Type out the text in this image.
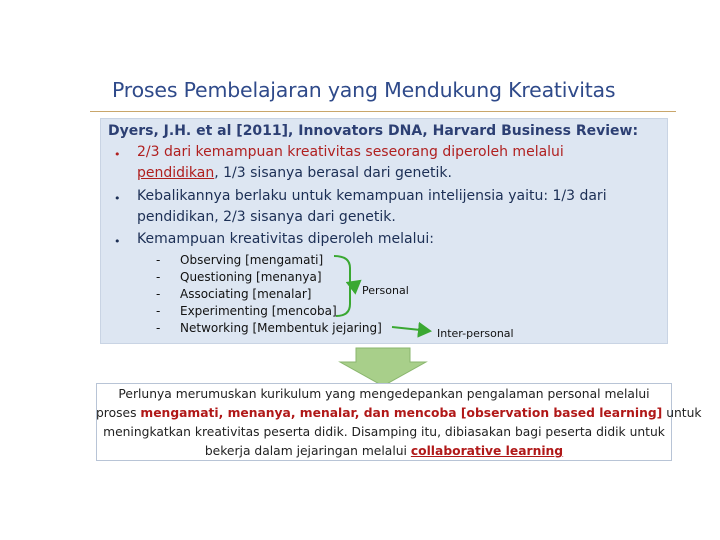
Proses Pembelajaran yang Mendukung Kreativitas
Dyers, J.H. et al [2011], Innovators DNA, Harvard Business Review:
• 2/3 dari kemampuan kreativitas seseorang diperoleh melalui
pendidikan, 1/3 sisanya berasal dari genetik.
• Kebalikannya berlaku untuk kemampuan intelijensia yaitu: 1/3 dari
pendidikan, 2/3 sisanya dari genetik.
• Kemampuan kreativitas diperoleh melalui:
- Observing [mengamati]
- Questioning [menanya]
- Associating [menalar]
- Experimenting [mencoba]
- Networking [Membentuk jejaring]
Personal
Inter-personal
Perlunya merumuskan kurikulum yang mengedepankan pengalaman personal melalui
proses mengamati, menanya, menalar, dan mencoba [observation based learning] untuk
meningkatkan kreativitas peserta didik. Disamping itu, dibiasakan bagi peserta didik untuk
bekerja dalam jejaringan melalui collaborative learning
